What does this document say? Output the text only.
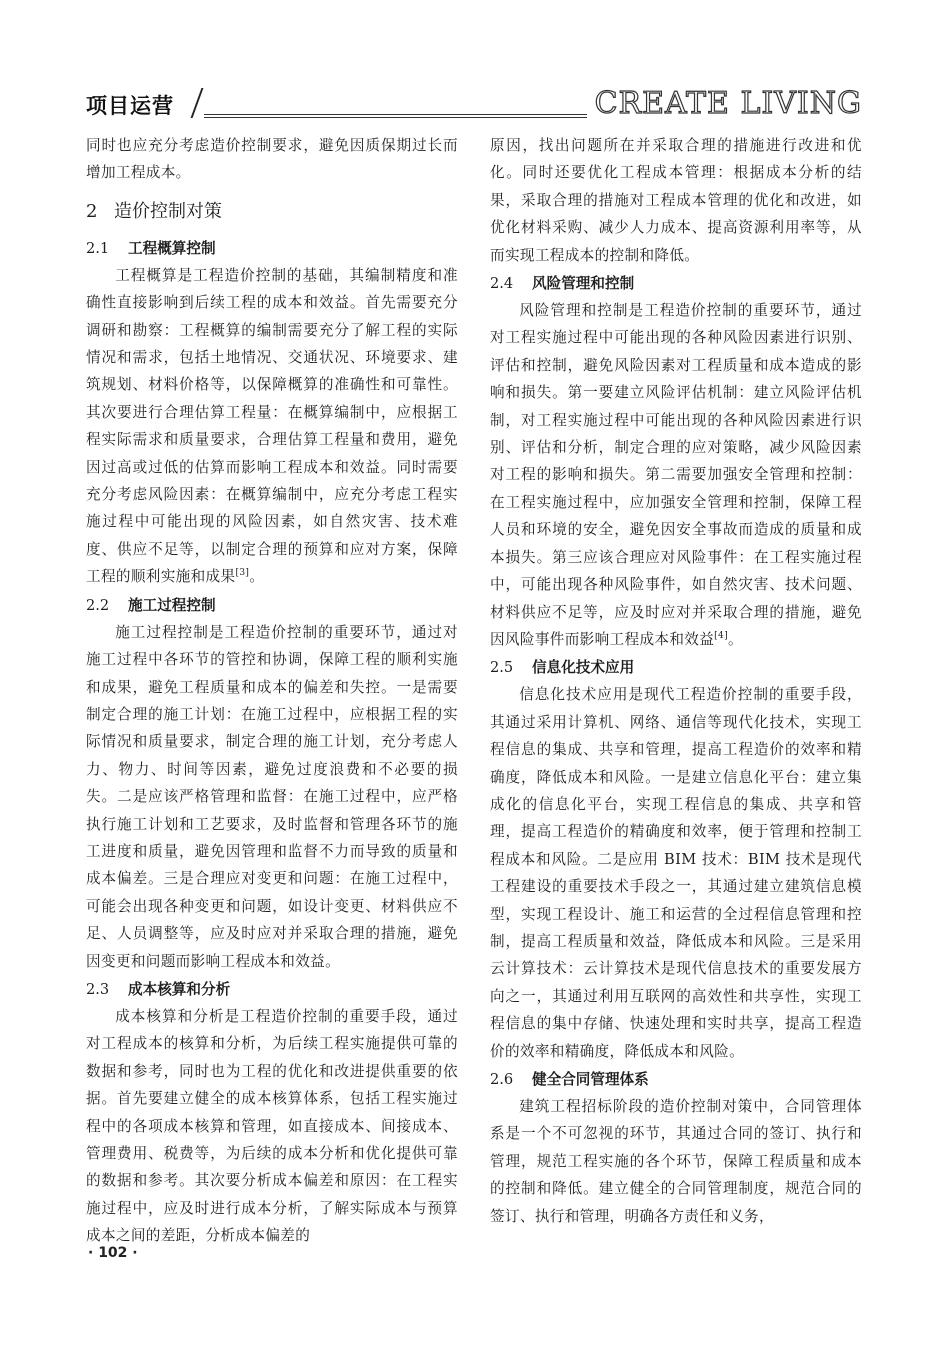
项目运营	CREATE LIVING

同时也应充分考虑造价控制要求，避免因质保期过长而增加工程成本。

2 造价控制对策
2.1 工程概算控制

工程概算是工程造价控制的基础，其编制精度和准确性直接影响到后续工程的成本和效益。首先需要充分调研和勘察：工程概算的编制需要充分了解工程的实际情况和需求，包括土地情况、交通状况、环境要求、建筑规划、材料价格等，以保障概算的准确性和可靠性。其次要进行合理估算工程量：在概算编制中，应根据工程实际需求和质量要求，合理估算工程量和费用，避免因过高或过低的估算而影响工程成本和效益。同时需要充分考虑风险因素：在概算编制中，应充分考虑工程实施过程中可能出现的风险因素，如自然灾害、技术难度、供应不足等，以制定合理的预算和应对方案，保障工程的顺利实施和成果[3]。

2.2 施工过程控制

施工过程控制是工程造价控制的重要环节，通过对施工过程中各环节的管控和协调，保障工程的顺利实施和成果，避免工程质量和成本的偏差和失控。一是需要制定合理的施工计划：在施工过程中，应根据工程的实际情况和质量要求，制定合理的施工计划，充分考虑人力、物力、时间等因素，避免过度浪费和不必要的损失。二是应该严格管理和监督：在施工过程中，应严格执行施工计划和工艺要求，及时监督和管理各环节的施工进度和质量，避免因管理和监督不力而导致的质量和成本偏差。三是合理应对变更和问题：在施工过程中，可能会出现各种变更和问题，如设计变更、材料供应不足、人员调整等，应及时应对并采取合理的措施，避免因变更和问题而影响工程成本和效益。

2.3 成本核算和分析

成本核算和分析是工程造价控制的重要手段，通过对工程成本的核算和分析，为后续工程实施提供可靠的数据和参考，同时也为工程的优化和改进提供重要的依据。首先要建立健全的成本核算体系，包括工程实施过程中的各项成本核算和管理，如直接成本、间接成本、管理费用、税费等，为后续的成本分析和优化提供可靠的数据和参考。其次要分析成本偏差和原因：在工程实施过程中，应及时进行成本分析，了解实际成本与预算成本之间的差距，分析成本偏差的

原因，找出问题所在并采取合理的措施进行改进和优化。同时还要优化工程成本管理：根据成本分析的结果，采取合理的措施对工程成本管理的优化和改进，如优化材料采购、减少人力成本、提高资源利用率等，从而实现工程成本的控制和降低。

2.4 风险管理和控制

风险管理和控制是工程造价控制的重要环节，通过对工程实施过程中可能出现的各种风险因素进行识别、评估和控制，避免风险因素对工程质量和成本造成的影响和损失。第一要建立风险评估机制：建立风险评估机制，对工程实施过程中可能出现的各种风险因素进行识别、评估和分析，制定合理的应对策略，减少风险因素对工程的影响和损失。第二需要加强安全管理和控制：在工程实施过程中，应加强安全管理和控制，保障工程人员和环境的安全，避免因安全事故而造成的质量和成本损失。第三应该合理应对风险事件：在工程实施过程中，可能出现各种风险事件，如自然灾害、技术问题、材料供应不足等，应及时应对并采取合理的措施，避免因风险事件而影响工程成本和效益[4]。

2.5 信息化技术应用

信息化技术应用是现代工程造价控制的重要手段，其通过采用计算机、网络、通信等现代化技术，实现工程信息的集成、共享和管理，提高工程造价的效率和精确度，降低成本和风险。一是建立信息化平台：建立集成化的信息化平台，实现工程信息的集成、共享和管理，提高工程造价的精确度和效率，便于管理和控制工程成本和风险。二是应用 BIM 技术：BIM 技术是现代工程建设的重要技术手段之一，其通过建立建筑信息模型，实现工程设计、施工和运营的全过程信息管理和控制，提高工程质量和效益，降低成本和风险。三是采用云计算技术：云计算技术是现代信息技术的重要发展方向之一，其通过利用互联网的高效性和共享性，实现工程信息的集中存储、快速处理和实时共享，提高工程造价的效率和精确度，降低成本和风险。

2.6 健全合同管理体系

建筑工程招标阶段的造价控制对策中，合同管理体系是一个不可忽视的环节，其通过合同的签订、执行和管理，规范工程实施的各个环节，保障工程质量和成本的控制和降低。建立健全的合同管理制度，规范合同的签订、执行和管理，明确各方责任和义务，

· 102 ·
